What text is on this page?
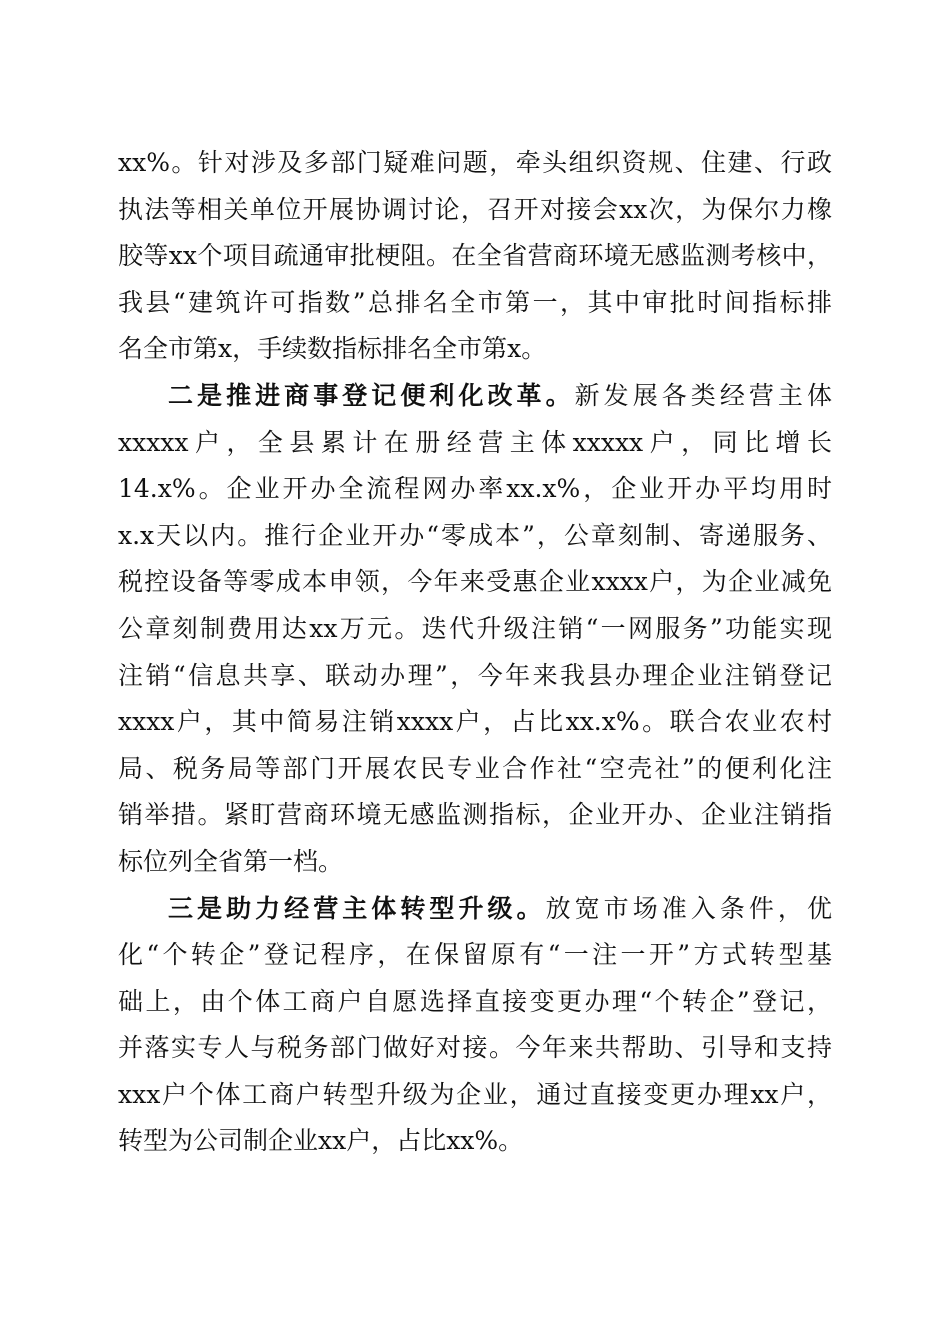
xx%。针对涉及多部门疑难问题，牵头组织资规、住建、行政
执法等相关单位开展协调讨论，召开对接会xx次，为保尔力橡
胶等xx个项目疏通审批梗阻。在全省营商环境无感监测考核中，
我县“建筑许可指数”总排名全市第一，其中审批时间指标排
名全市第x，手续数指标排名全市第x。
二是推进商事登记便利化改革。新发展各类经营主体
xxxxx户，全县累计在册经营主体xxxxx户，同比增长
14.x%。企业开办全流程网办率xx.x%，企业开办平均用时
x.x天以内。推行企业开办“零成本”，公章刻制、寄递服务、
税控设备等零成本申领，今年来受惠企业xxxx户，为企业减免
公章刻制费用达xx万元。迭代升级注销“一网服务”功能实现
注销“信息共享、联动办理”，今年来我县办理企业注销登记
xxxx户，其中简易注销xxxx户，占比xx.x%。联合农业农村
局、税务局等部门开展农民专业合作社“空壳社”的便利化注
销举措。紧盯营商环境无感监测指标，企业开办、企业注销指
标位列全省第一档。
三是助力经营主体转型升级。放宽市场准入条件，优
化“个转企”登记程序，在保留原有“一注一开”方式转型基
础上，由个体工商户自愿选择直接变更办理“个转企”登记，
并落实专人与税务部门做好对接。今年来共帮助、引导和支持
xxx户个体工商户转型升级为企业，通过直接变更办理xx户，
转型为公司制企业xx户，占比xx%。
